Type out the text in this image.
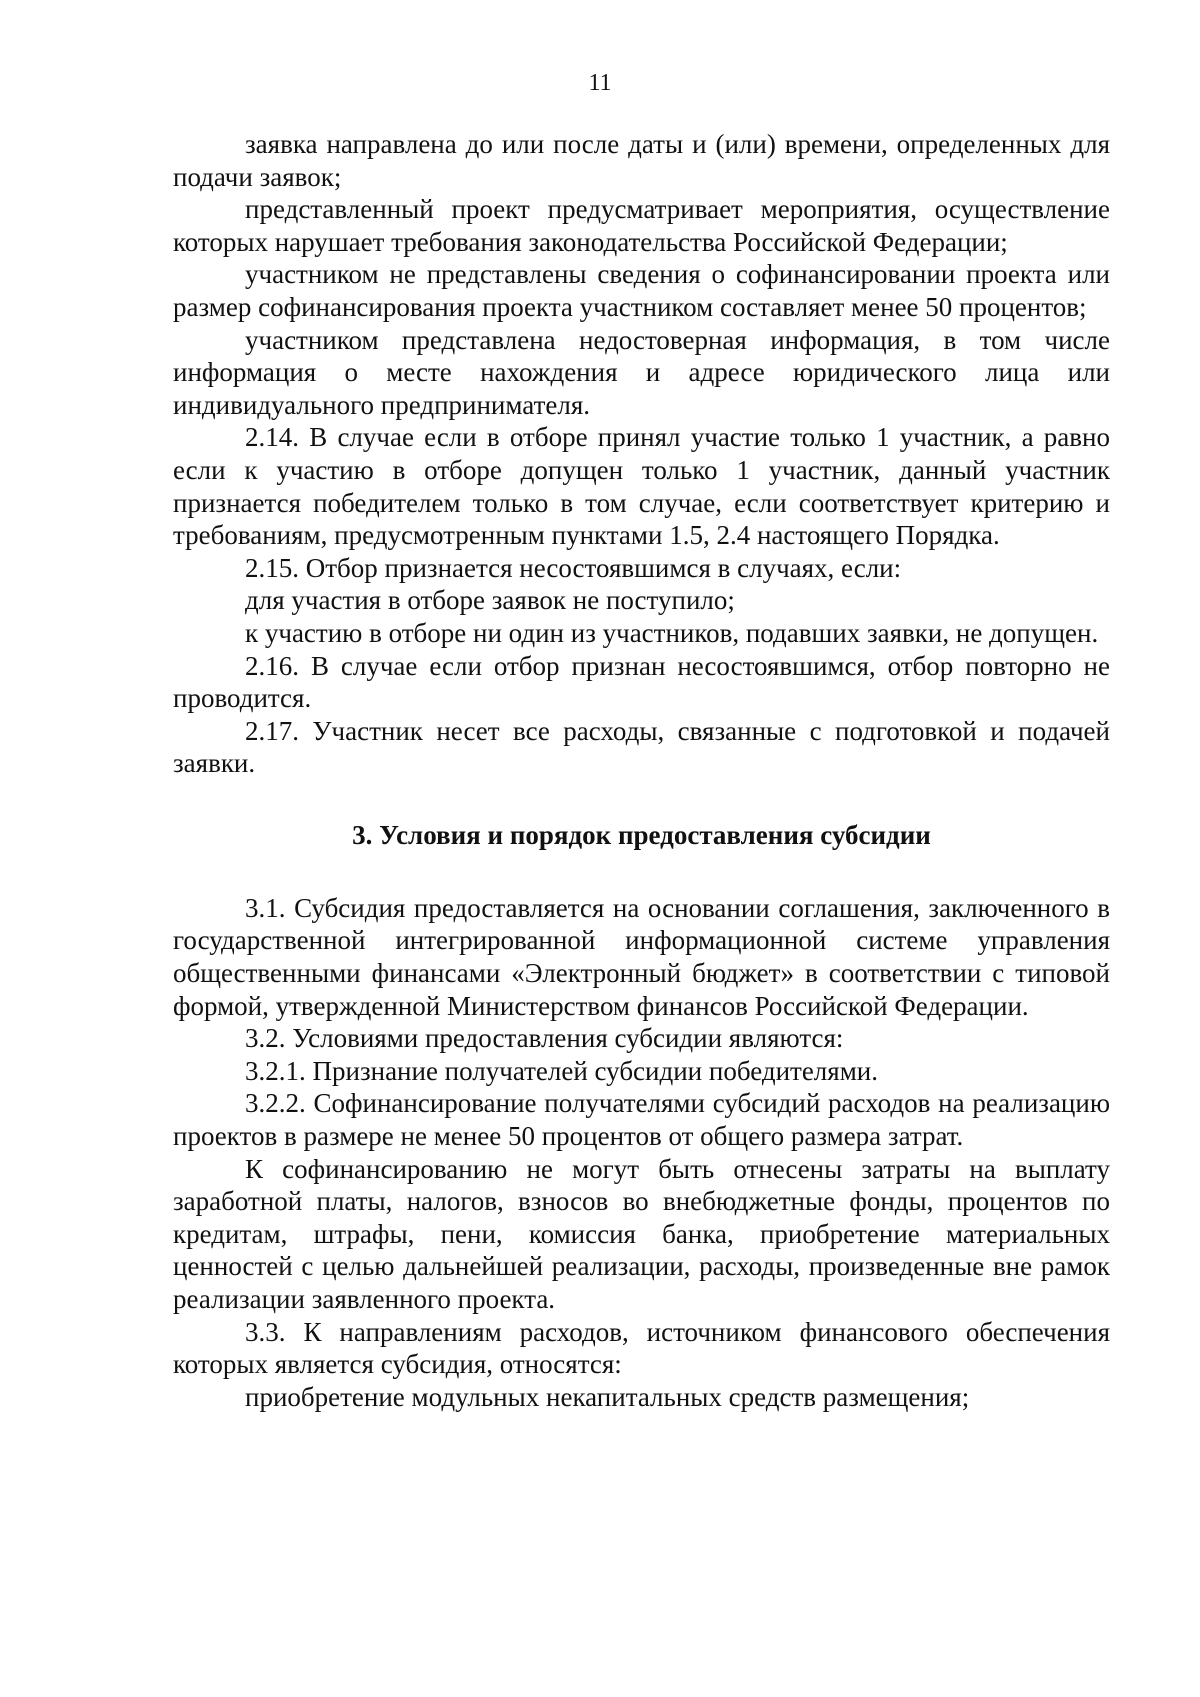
11

заявка направлена до или после даты и (или) времени, определенных для подачи заявок;

представленный проект предусматривает мероприятия, осуществление которых нарушает требования законодательства Российской Федерации;

участником не представлены сведения о софинансировании проекта или размер софинансирования проекта участником составляет менее 50 процентов;

участником представлена недостоверная информация, в том числе информация о месте нахождения и адресе юридического лица или индивидуального предпринимателя.

2.14. В случае если в отборе принял участие только 1 участник, а равно если к участию в отборе допущен только 1 участник, данный участник признается победителем только в том случае, если соответствует критерию и требованиям, предусмотренным пунктами 1.5, 2.4 настоящего Порядка.

2.15. Отбор признается несостоявшимся в случаях, если:

для участия в отборе заявок не поступило;

к участию в отборе ни один из участников, подавших заявки, не допущен.

2.16. В случае если отбор признан несостоявшимся, отбор повторно не проводится.

2.17. Участник несет все расходы, связанные с подготовкой и подачей заявки.

3. Условия и порядок предоставления субсидии

3.1. Субсидия предоставляется на основании соглашения, заключенного в государственной интегрированной информационной системе управления общественными финансами «Электронный бюджет» в соответствии с типовой формой, утвержденной Министерством финансов Российской Федерации.

3.2. Условиями предоставления субсидии являются:

3.2.1. Признание получателей субсидии победителями.

3.2.2. Софинансирование получателями субсидий расходов на реализацию проектов в размере не менее 50 процентов от общего размера затрат.

К софинансированию не могут быть отнесены затраты на выплату заработной платы, налогов, взносов во внебюджетные фонды, процентов по кредитам, штрафы, пени, комиссия банка, приобретение материальных ценностей с целью дальнейшей реализации, расходы, произведенные вне рамок реализации заявленного проекта.

3.3. К направлениям расходов, источником финансового обеспечения которых является субсидия, относятся:

приобретение модульных некапитальных средств размещения;
